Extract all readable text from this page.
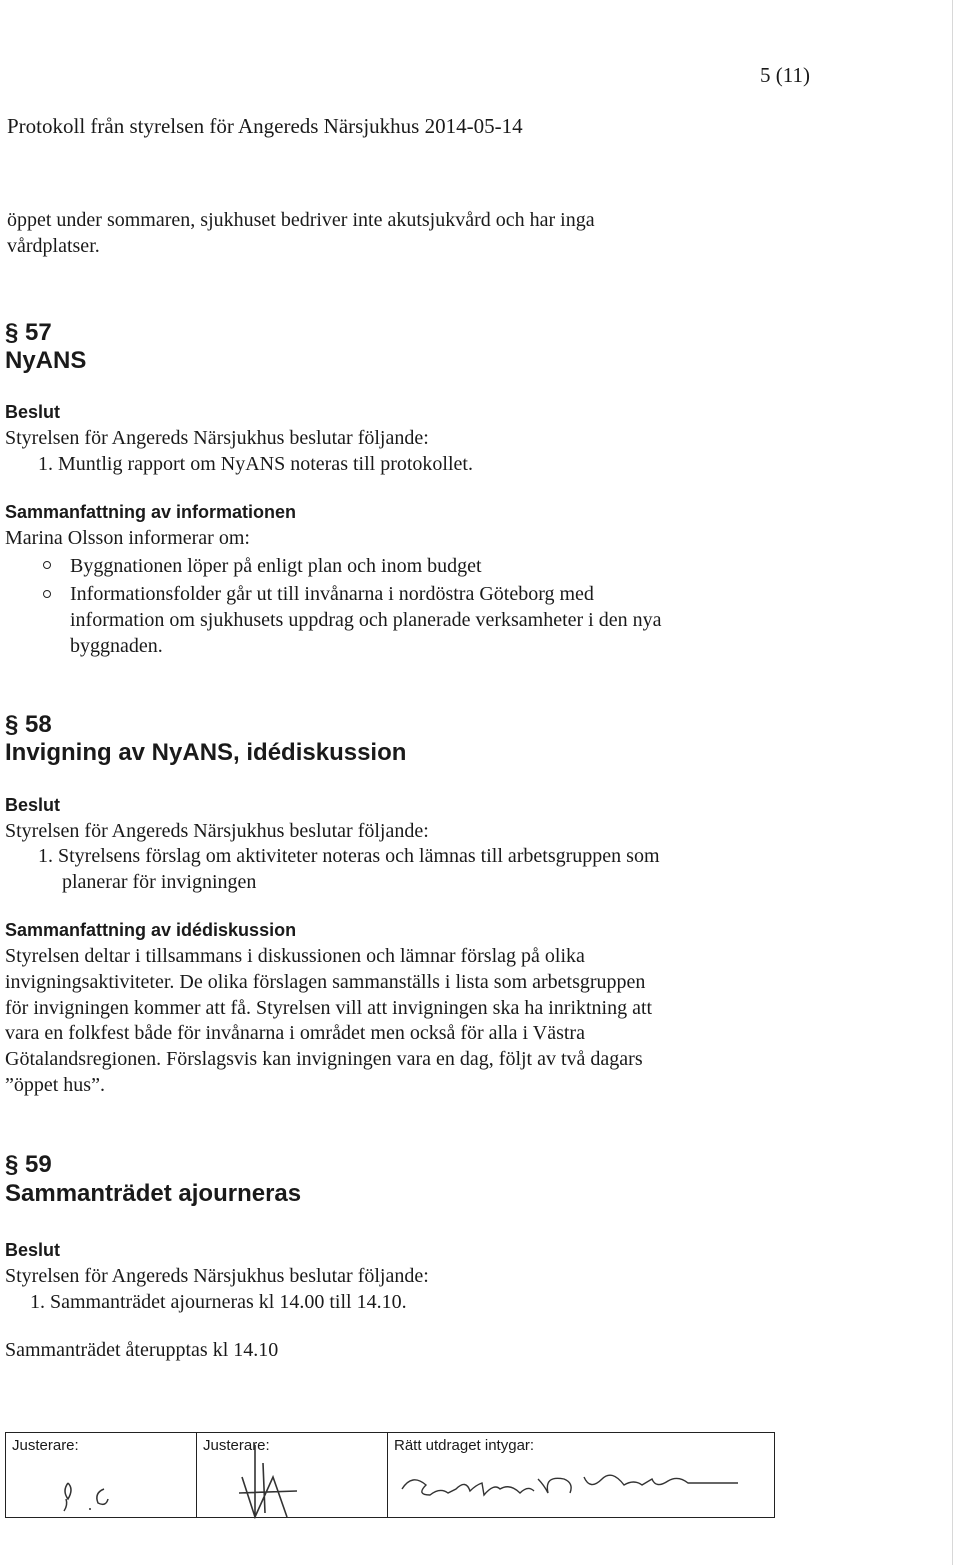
5 (11)
Protokoll från styrelsen för Angereds Närsjukhus 2014-05-14
öppet under sommaren, sjukhuset bedriver inte akutsjukvård och har inga
vårdplatser.
§ 57
NyANS
Beslut
Styrelsen för Angereds Närsjukhus beslutar följande:
1. Muntlig rapport om NyANS noteras till protokollet.
Sammanfattning av informationen
Marina Olsson informerar om:
Byggnationen löper på enligt plan och inom budget
Informationsfolder går ut till invånarna i nordöstra Göteborg med
information om sjukhusets uppdrag och planerade verksamheter i den nya
byggnaden.
§ 58
Invigning av NyANS, idédiskussion
Beslut
Styrelsen för Angereds Närsjukhus beslutar följande:
1. Styrelsens förslag om aktiviteter noteras och lämnas till arbetsgruppen som
planerar för invigningen
Sammanfattning av idédiskussion
Styrelsen deltar i tillsammans i diskussionen och lämnar förslag på olika
invigningsaktiviteter. De olika förslagen sammanställs i lista som arbetsgruppen
för invigningen kommer att få. Styrelsen vill att invigningen ska ha inriktning att
vara en folkfest både för invånarna i området men också för alla i Västra
Götalandsregionen. Förslagsvis kan invigningen vara en dag, följt av två dagars
”öppet hus”.
§ 59
Sammanträdet ajourneras
Beslut
Styrelsen för Angereds Närsjukhus beslutar följande:
1. Sammanträdet ajourneras kl 14.00 till 14.10.
Sammanträdet återupptas kl 14.10
Justerare:	Justerare:	Rätt utdraget intygar:
